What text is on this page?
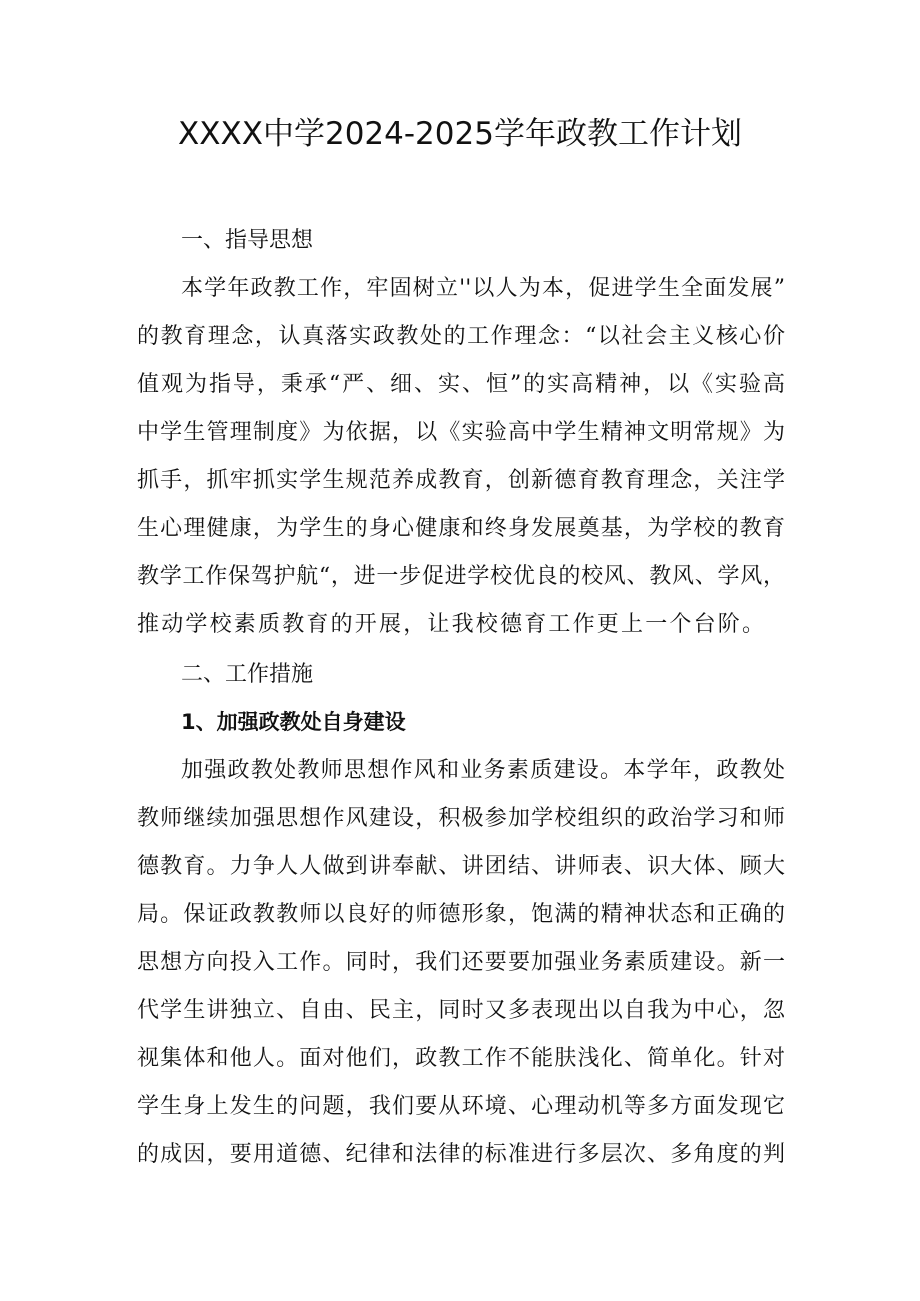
XXXX中学2024-2025学年政教工作计划
一、指导思想
本学年政教工作，牢固树立''以人为本，促进学生全面发展”
的教育理念，认真落实政教处的工作理念：“以社会主义核心价
值观为指导，秉承“严、细、实、恒”的实高精神，以《实验高
中学生管理制度》为依据，以《实验高中学生精神文明常规》为
抓手，抓牢抓实学生规范养成教育，创新德育教育理念，关注学
生心理健康，为学生的身心健康和终身发展奠基，为学校的教育
教学工作保驾护航“，进一步促进学校优良的校风、教风、学风，
推动学校素质教育的开展，让我校德育工作更上一个台阶。
二、工作措施
1、加强政教处自身建设
加强政教处教师思想作风和业务素质建设。本学年，政教处
教师继续加强思想作风建设，积极参加学校组织的政治学习和师
德教育。力争人人做到讲奉献、讲团结、讲师表、识大体、顾大
局。保证政教教师以良好的师德形象，饱满的精神状态和正确的
思想方向投入工作。同时，我们还要要加强业务素质建设。新一
代学生讲独立、自由、民主，同时又多表现出以自我为中心，忽
视集体和他人。面对他们，政教工作不能肤浅化、简单化。针对
学生身上发生的问题，我们要从环境、心理动机等多方面发现它
的成因，要用道德、纪律和法律的标准进行多层次、多角度的判
